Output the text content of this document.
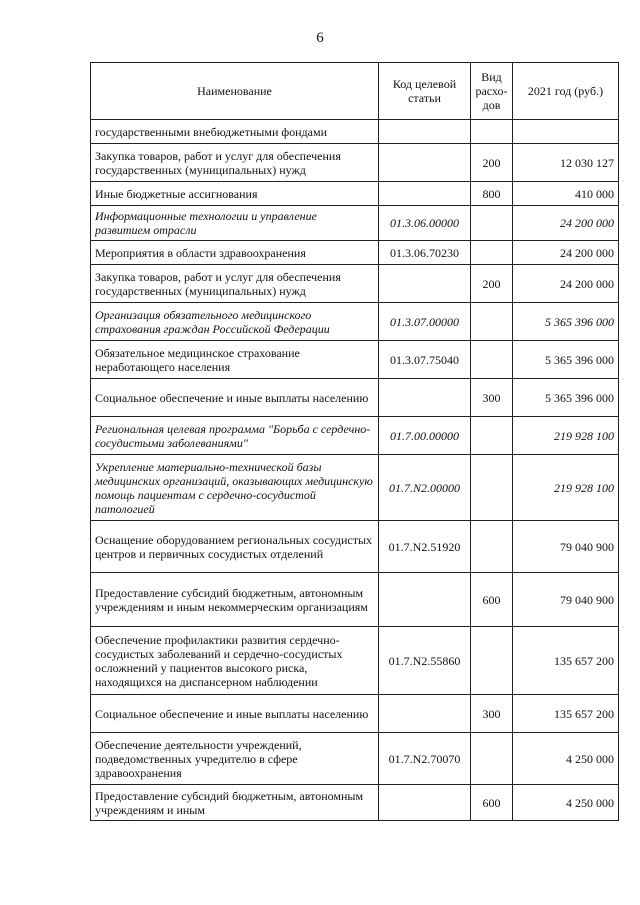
6
Наименование	Код целевой статьи	Вид расхо-дов	2021 год (руб.)
государственными внебюджетными фондами			
Закупка товаров, работ и услуг для обеспечения государственных (муниципальных) нужд		200	12 030 127
Иные бюджетные ассигнования		800	410 000
Информационные технологии и управление развитием отрасли	01.3.06.00000		24 200 000
Мероприятия в области здравоохранения	01.3.06.70230		24 200 000
Закупка товаров, работ и услуг для обеспечения государственных (муниципальных) нужд		200	24 200 000
Организация обязательного медицинского страхования граждан Российской Федерации	01.3.07.00000		5 365 396 000
Обязательное медицинское страхование неработающего населения	01.3.07.75040		5 365 396 000
Социальное обеспечение и иные выплаты населению		300	5 365 396 000
Региональная целевая программа "Борьба с сердечно-сосудистыми заболеваниями"	01.7.00.00000		219 928 100
Укрепление материально-технической базы медицинских организаций, оказывающих медицинскую помощь пациентам с сердечно-сосудистой патологией	01.7.N2.00000		219 928 100
Оснащение оборудованием региональных сосудистых центров и первичных сосудистых отделений	01.7.N2.51920		79 040 900
Предоставление субсидий бюджетным, автономным учреждениям и иным некоммерческим организациям		600	79 040 900
Обеспечение профилактики развития сердечно-сосудистых заболеваний и сердечно-сосудистых осложнений у пациентов высокого риска, находящихся на диспансерном наблюдении	01.7.N2.55860		135 657 200
Социальное обеспечение и иные выплаты населению		300	135 657 200
Обеспечение деятельности учреждений, подведомственных учредителю в сфере здравоохранения	01.7.N2.70070		4 250 000
Предоставление субсидий бюджетным, автономным учреждениям и иным		600	4 250 000
